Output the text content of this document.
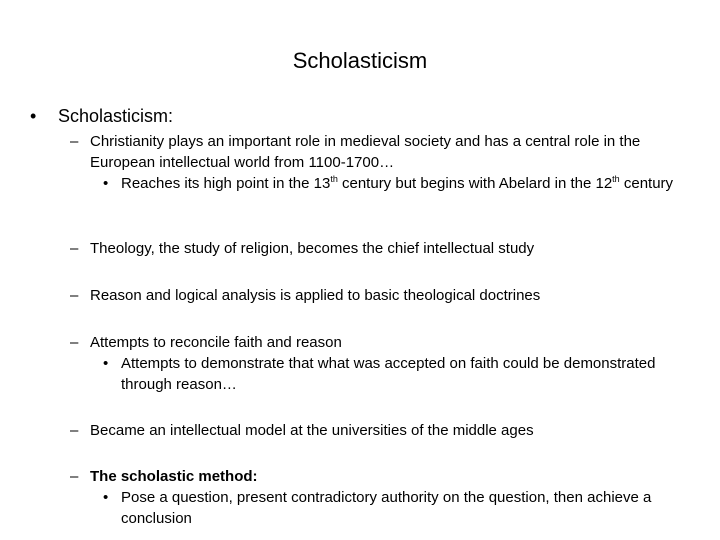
Scholasticism
• Scholasticism:
– Christianity plays an important role in medieval society and has a central role in the European intellectual world from 1100-1700…
• Reaches its high point in the 13th century but begins with Abelard in the 12th century
– Theology, the study of religion, becomes the chief intellectual study
– Reason and logical analysis is applied to basic theological doctrines
– Attempts to reconcile faith and reason
• Attempts to demonstrate that what was accepted on faith could be demonstrated through reason…
– Became an intellectual model at the universities of the middle ages
– The scholastic method:
• Pose a question, present contradictory authority on the question, then achieve a conclusion
